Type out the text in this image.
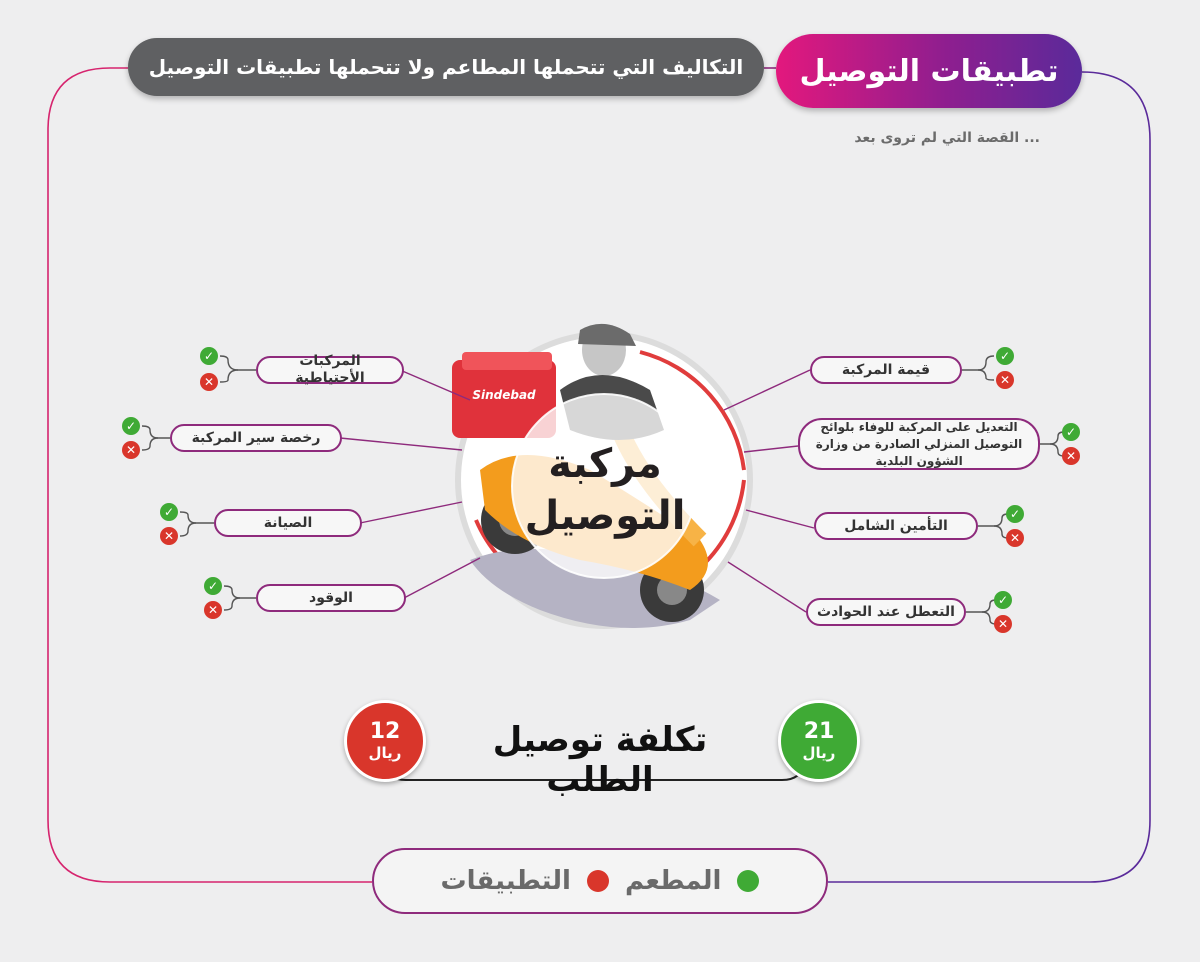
تطبيقات التوصيل
التكاليف التي تتحملها المطاعم ولا تتحملها تطبيقات التوصيل
القصة التي لم تروى بعد ...
Sindebad
مركبة
التوصيل
المركبات الأحتياطية
رخصة سير المركبة
الصيانة
الوقود
قيمة المركبة
التعديل على المركبة للوفاء بلوائح التوصيل المنزلي الصادرة من وزارة الشؤون البلدية
التأمين الشامل
التعطل عند الحوادث
✓
✕
✓
✕
✓
✕
✓
✕
✓
✕
✓
✕
✓
✕
✓
✕
تكلفة توصيل الطلب
21
ريال
12
ريال
التطبيقات المطعم
